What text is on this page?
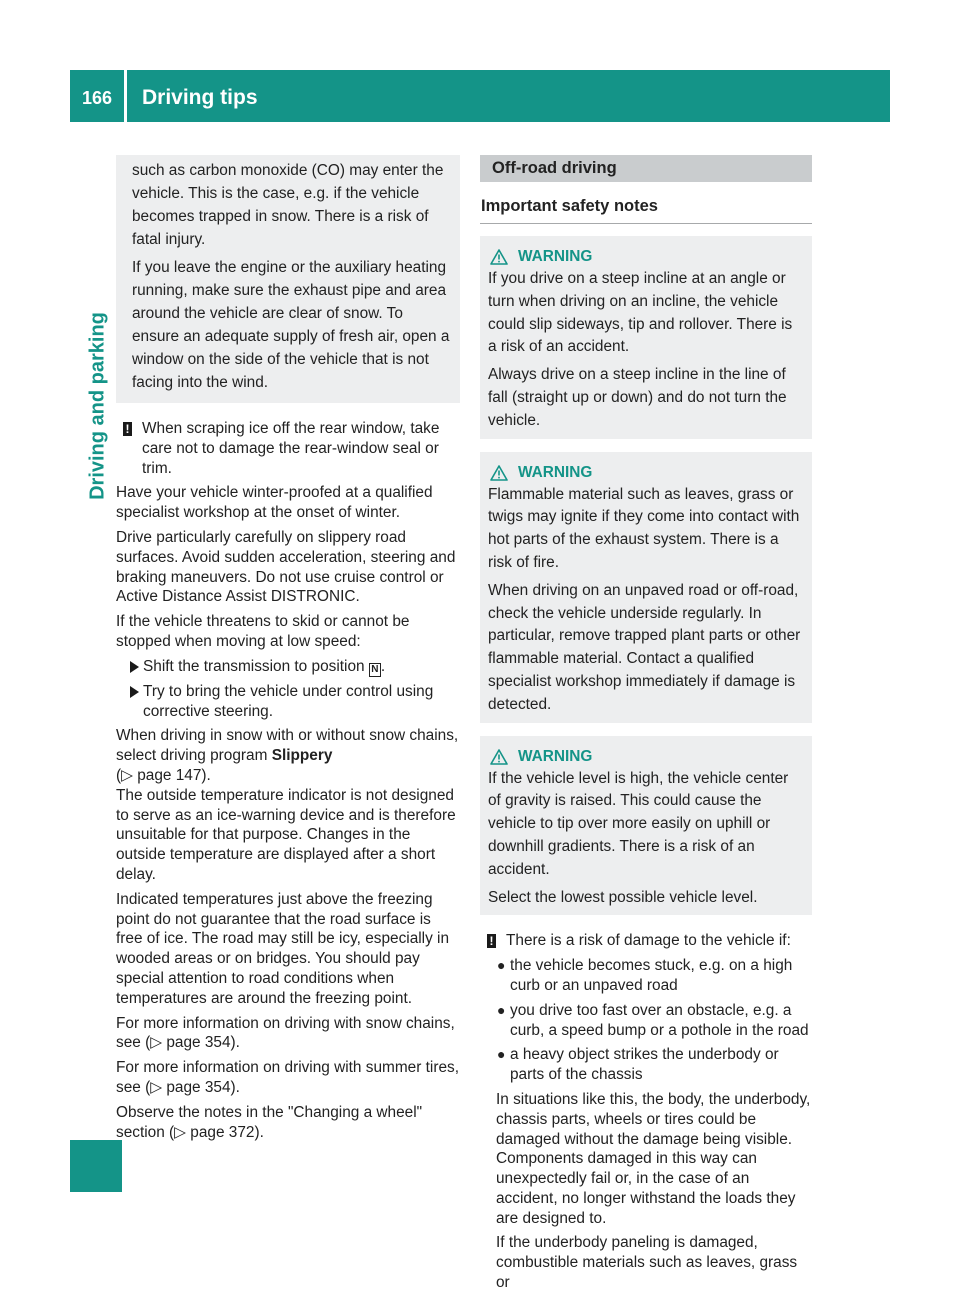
166	Driving tips
Driving and parking

such as carbon monoxide (CO) may enter the vehicle. This is the case, e.g. if the vehicle becomes trapped in snow. There is a risk of fatal injury.

If you leave the engine or the auxiliary heating running, make sure the exhaust pipe and area around the vehicle are clear of snow. To ensure an adequate supply of fresh air, open a window on the side of the vehicle that is not facing into the wind.

! When scraping ice off the rear window, take care not to damage the rear-window seal or trim.

Have your vehicle winter-proofed at a qualified specialist workshop at the onset of winter.

Drive particularly carefully on slippery road surfaces. Avoid sudden acceleration, steering and braking maneuvers. Do not use cruise control or Active Distance Assist DISTRONIC.

If the vehicle threatens to skid or cannot be stopped when moving at low speed:

Shift the transmission to position N .
Try to bring the vehicle under control using corrective steering.

When driving in snow with or without snow chains, select driving program Slippery
(▷ page 147).

The outside temperature indicator is not designed to serve as an ice-warning device and is therefore unsuitable for that purpose. Changes in the outside temperature are displayed after a short delay.

Indicated temperatures just above the freezing point do not guarantee that the road surface is free of ice. The road may still be icy, especially in wooded areas or on bridges. You should pay special attention to road conditions when temperatures are around the freezing point.

For more information on driving with snow chains, see (▷ page 354).

For more information on driving with summer tires, see (▷ page 354).

Observe the notes in the "Changing a wheel" section (▷ page 372).

Off-road driving
Important safety notes
WARNING

If you drive on a steep incline at an angle or turn when driving on an incline, the vehicle could slip sideways, tip and rollover. There is a risk of an accident.

Always drive on a steep incline in the line of fall (straight up or down) and do not turn the vehicle.

WARNING

Flammable material such as leaves, grass or twigs may ignite if they come into contact with hot parts of the exhaust system. There is a risk of fire.

When driving on an unpaved road or off-road, check the vehicle underside regularly. In particular, remove trapped plant parts or other flammable material. Contact a qualified specialist workshop immediately if damage is detected.

WARNING

If the vehicle level is high, the vehicle center of gravity is raised. This could cause the vehicle to tip over more easily on uphill or downhill gradients. There is a risk of an accident.

Select the lowest possible vehicle level.

! There is a risk of damage to the vehicle if:
● the vehicle becomes stuck, e.g. on a high curb or an unpaved road
● you drive too fast over an obstacle, e.g. a curb, a speed bump or a pothole in the road
● a heavy object strikes the underbody or parts of the chassis

In situations like this, the body, the underbody, chassis parts, wheels or tires could be damaged without the damage being visible. Components damaged in this way can unexpectedly fail or, in the case of an accident, no longer withstand the loads they are designed to.

If the underbody paneling is damaged, combustible materials such as leaves, grass or
